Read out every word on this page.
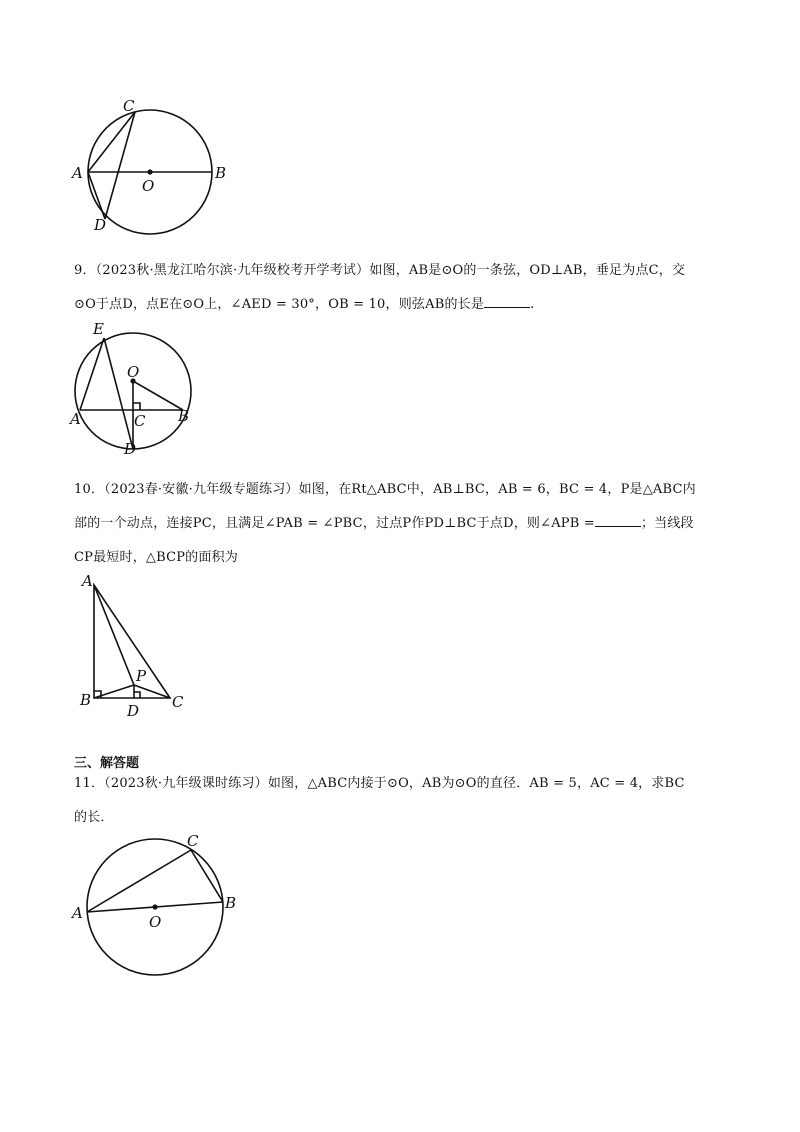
C
A
O
B
D
9．（2023秋·黑龙江哈尔滨·九年级校考开学考试）如图，AB是⊙O的一条弦，OD⊥AB，垂足为点C，交
⊙O于点D，点E在⊙O上，∠AED = 30°，OB = 10，则弦AB的长是	.
E
O
A	C B
D
10．（2023春·安徽·九年级专题练习）如图，在Rt△ABC中，AB⊥BC，AB = 6，BC = 4，P是△ABC内
部的一个动点，连接PC，且满足∠PAB = ∠PBC，过点P作PD⊥BC于点D，则∠APB =	；当线段
CP最短时，△BCP的面积为
A
P
B
D C
三、解答题
11．（2023秋·九年级课时练习）如图，△ABC内接于⊙O，AB为⊙O的直径．AB = 5，AC = 4，求BC
的长．
C
A	O
B
